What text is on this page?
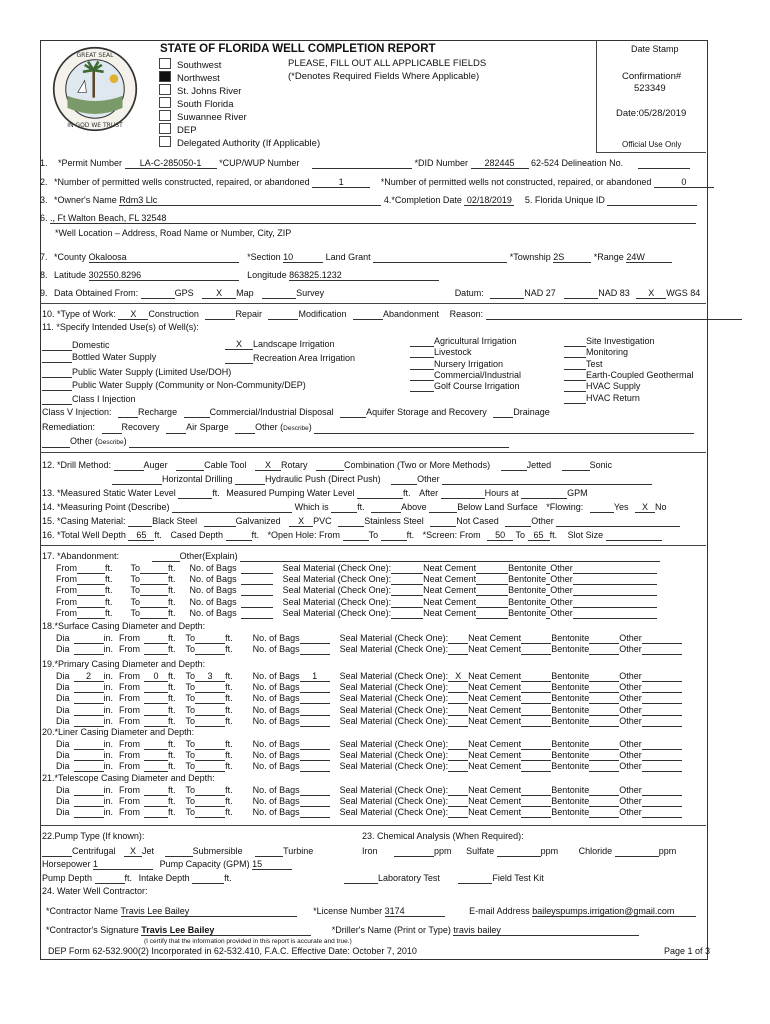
GREAT SEAL
IN GOD WE TRUST
STATE OF FLORIDA WELL COMPLETION REPORT	Date Stamp
PLEASE, FILL OUT ALL APPLICABLE FIELDS
(*Denotes Required Fields Where Applicable)
Southwest
Northwest
St. Johns River
South Florida
Suwannee River
DEP
Delegated Authority (If Applicable)
Confirmation#
523349
Date:05/28/2019
Official Use Only
1. *Permit Number LA-C-285050-1 *CUP/WUP Number	*DID Number 282445 62-524 Delineation No.
2. *Number of permitted wells constructed, repaired, or abandoned	1	*Number of permitted wells not constructed, repaired, or abandoned	0
3. *Owner's Name Rdm3 Llc	4.*Completion Date 02/18/2019 5. Florida Unique ID
6. ., Ft Walton Beach, FL 32548
*Well Location – Address, Road Name or Number, City, ZIP
7. *County Okaloosa	*Section 10	Land Grant	*Township 2S	*Range 24W
8. Latitude 302550.8296	Longitude 863825.1232
9. Data Obtained From:	GPS	X Map	Survey	Datum:	NAD 27	NAD 83 X WGS 84
10. *Type of Work: X Construction	Repair	Modification	Abandonment Reason:
11. *Specify Intended Use(s) of Well(s):
Domestic
Bottled Water Supply
Public Water Supply (Limited Use/DOH)
Public Water Supply (Community or Non-Community/DEP)
Class I Injection
X Landscape Irrigation
Recreation Area Irrigation
Agricultural Irrigation
Livestock
Nursery Irrigation
Commercial/Industrial
Golf Course Irrigation
Site Investigation
Monitoring
Test
Earth-Coupled Geothermal
HVAC Supply
HVAC Return
Class V Injection:	Recharge	Commercial/Industrial Disposal	Aquifer Storage and Recovery	Drainage
Remediation:	Recovery	Air Sparge	Other (Describe)
Other (Describe)
12. *Drill Method:	Auger	Cable Tool X Rotary	Combination (Two or More Methods)	Jetted	Sonic
Horizontal Drilling	Hydraulic Push (Direct Push)	Other
13. *Measured Static Water Level	ft. Measured Pumping Water Level	ft. After	Hours at	GPM
14. *Measuring Point (Describe)	Which is	ft.	Above	Below Land Surface *Flowing:	Yes X No
15. *Casing Material:	Black Steel	Galvanized X PVC	Stainless Steel	Not Cased	Other
16. *Total Well Depth 65 ft. Cased Depth	ft. *Open Hole: From	To	ft. *Screen: From 50 To 65 ft. Slot Size
17. *Abandonment:	Other(Explain)
From	ft. To	ft. No. of Bags	Seal Material (Check One):	Neat Cement	Bentonite Other
From	ft. To	ft. No. of Bags	Seal Material (Check One):	Neat Cement	Bentonite Other
From	ft. To	ft. No. of Bags	Seal Material (Check One):	Neat Cement	Bentonite Other
From	ft. To	ft. No. of Bags	Seal Material (Check One):	Neat Cement	Bentonite Other
From	ft. To	ft. No. of Bags	Seal Material (Check One):	Neat Cement	Bentonite Other
18.*Surface Casing Diameter and Depth:
Dia	in. From	ft. To	ft. No. of Bags	Seal Material (Check One): Neat Cement	Bentonite	Other
Dia	in. From	ft. To	ft. No. of Bags	Seal Material (Check One): Neat Cement	Bentonite	Other
19.*Primary Casing Diameter and Depth:
Dia 2 in. From 0 ft. To 3 ft. No. of Bags 1	Seal Material (Check One): X Neat Cement	Bentonite	Other
Dia	in. From	ft. To	ft. No. of Bags	Seal Material (Check One): Neat Cement	Bentonite	Other
Dia	in. From	ft. To	ft. No. of Bags	Seal Material (Check One): Neat Cement	Bentonite	Other
Dia	in. From	ft. To	ft. No. of Bags	Seal Material (Check One): Neat Cement	Bentonite	Other
Dia	in. From	ft. To	ft. No. of Bags	Seal Material (Check One): Neat Cement	Bentonite	Other
20.*Liner Casing Diameter and Depth:
Dia	in. From	ft. To	ft. No. of Bags	Seal Material (Check One): Neat Cement	Bentonite	Other
Dia	in. From	ft. To	ft. No. of Bags	Seal Material (Check One): Neat Cement	Bentonite	Other
Dia	in. From	ft. To	ft. No. of Bags	Seal Material (Check One): Neat Cement	Bentonite	Other
21.*Telescope Casing Diameter and Depth:
Dia	in. From	ft. To	ft. No. of Bags	Seal Material (Check One): Neat Cement	Bentonite	Other
Dia	in. From	ft. To	ft. No. of Bags	Seal Material (Check One): Neat Cement	Bentonite	Other
Dia	in. From	ft. To	ft. No. of Bags	Seal Material (Check One): Neat Cement	Bentonite	Other
22.Pump Type (If known):	23. Chemical Analysis (When Required):
Centrifugal X Jet	Submersible	Turbine	Iron	ppm Sulfate	ppm Chloride	ppm
Horsepower 1	Pump Capacity (GPM) 15
Pump Depth	ft. Intake Depth	ft.	Laboratory Test	Field Test Kit
24. Water Well Contractor:
*Contractor Name Travis Lee Bailey	*License Number 3174	E-mail Address baileyspumps.irrigation@gmail.com
*Contractor's Signature Travis Lee Bailey	*Driller's Name (Print or Type) travis bailey
(I certify that the information provided in this report is accurate and true.)
DEP Form 62-532.900(2) Incorporated in 62-532.410, F.A.C. Effective Date: October 7, 2010	Page 1 of 3
